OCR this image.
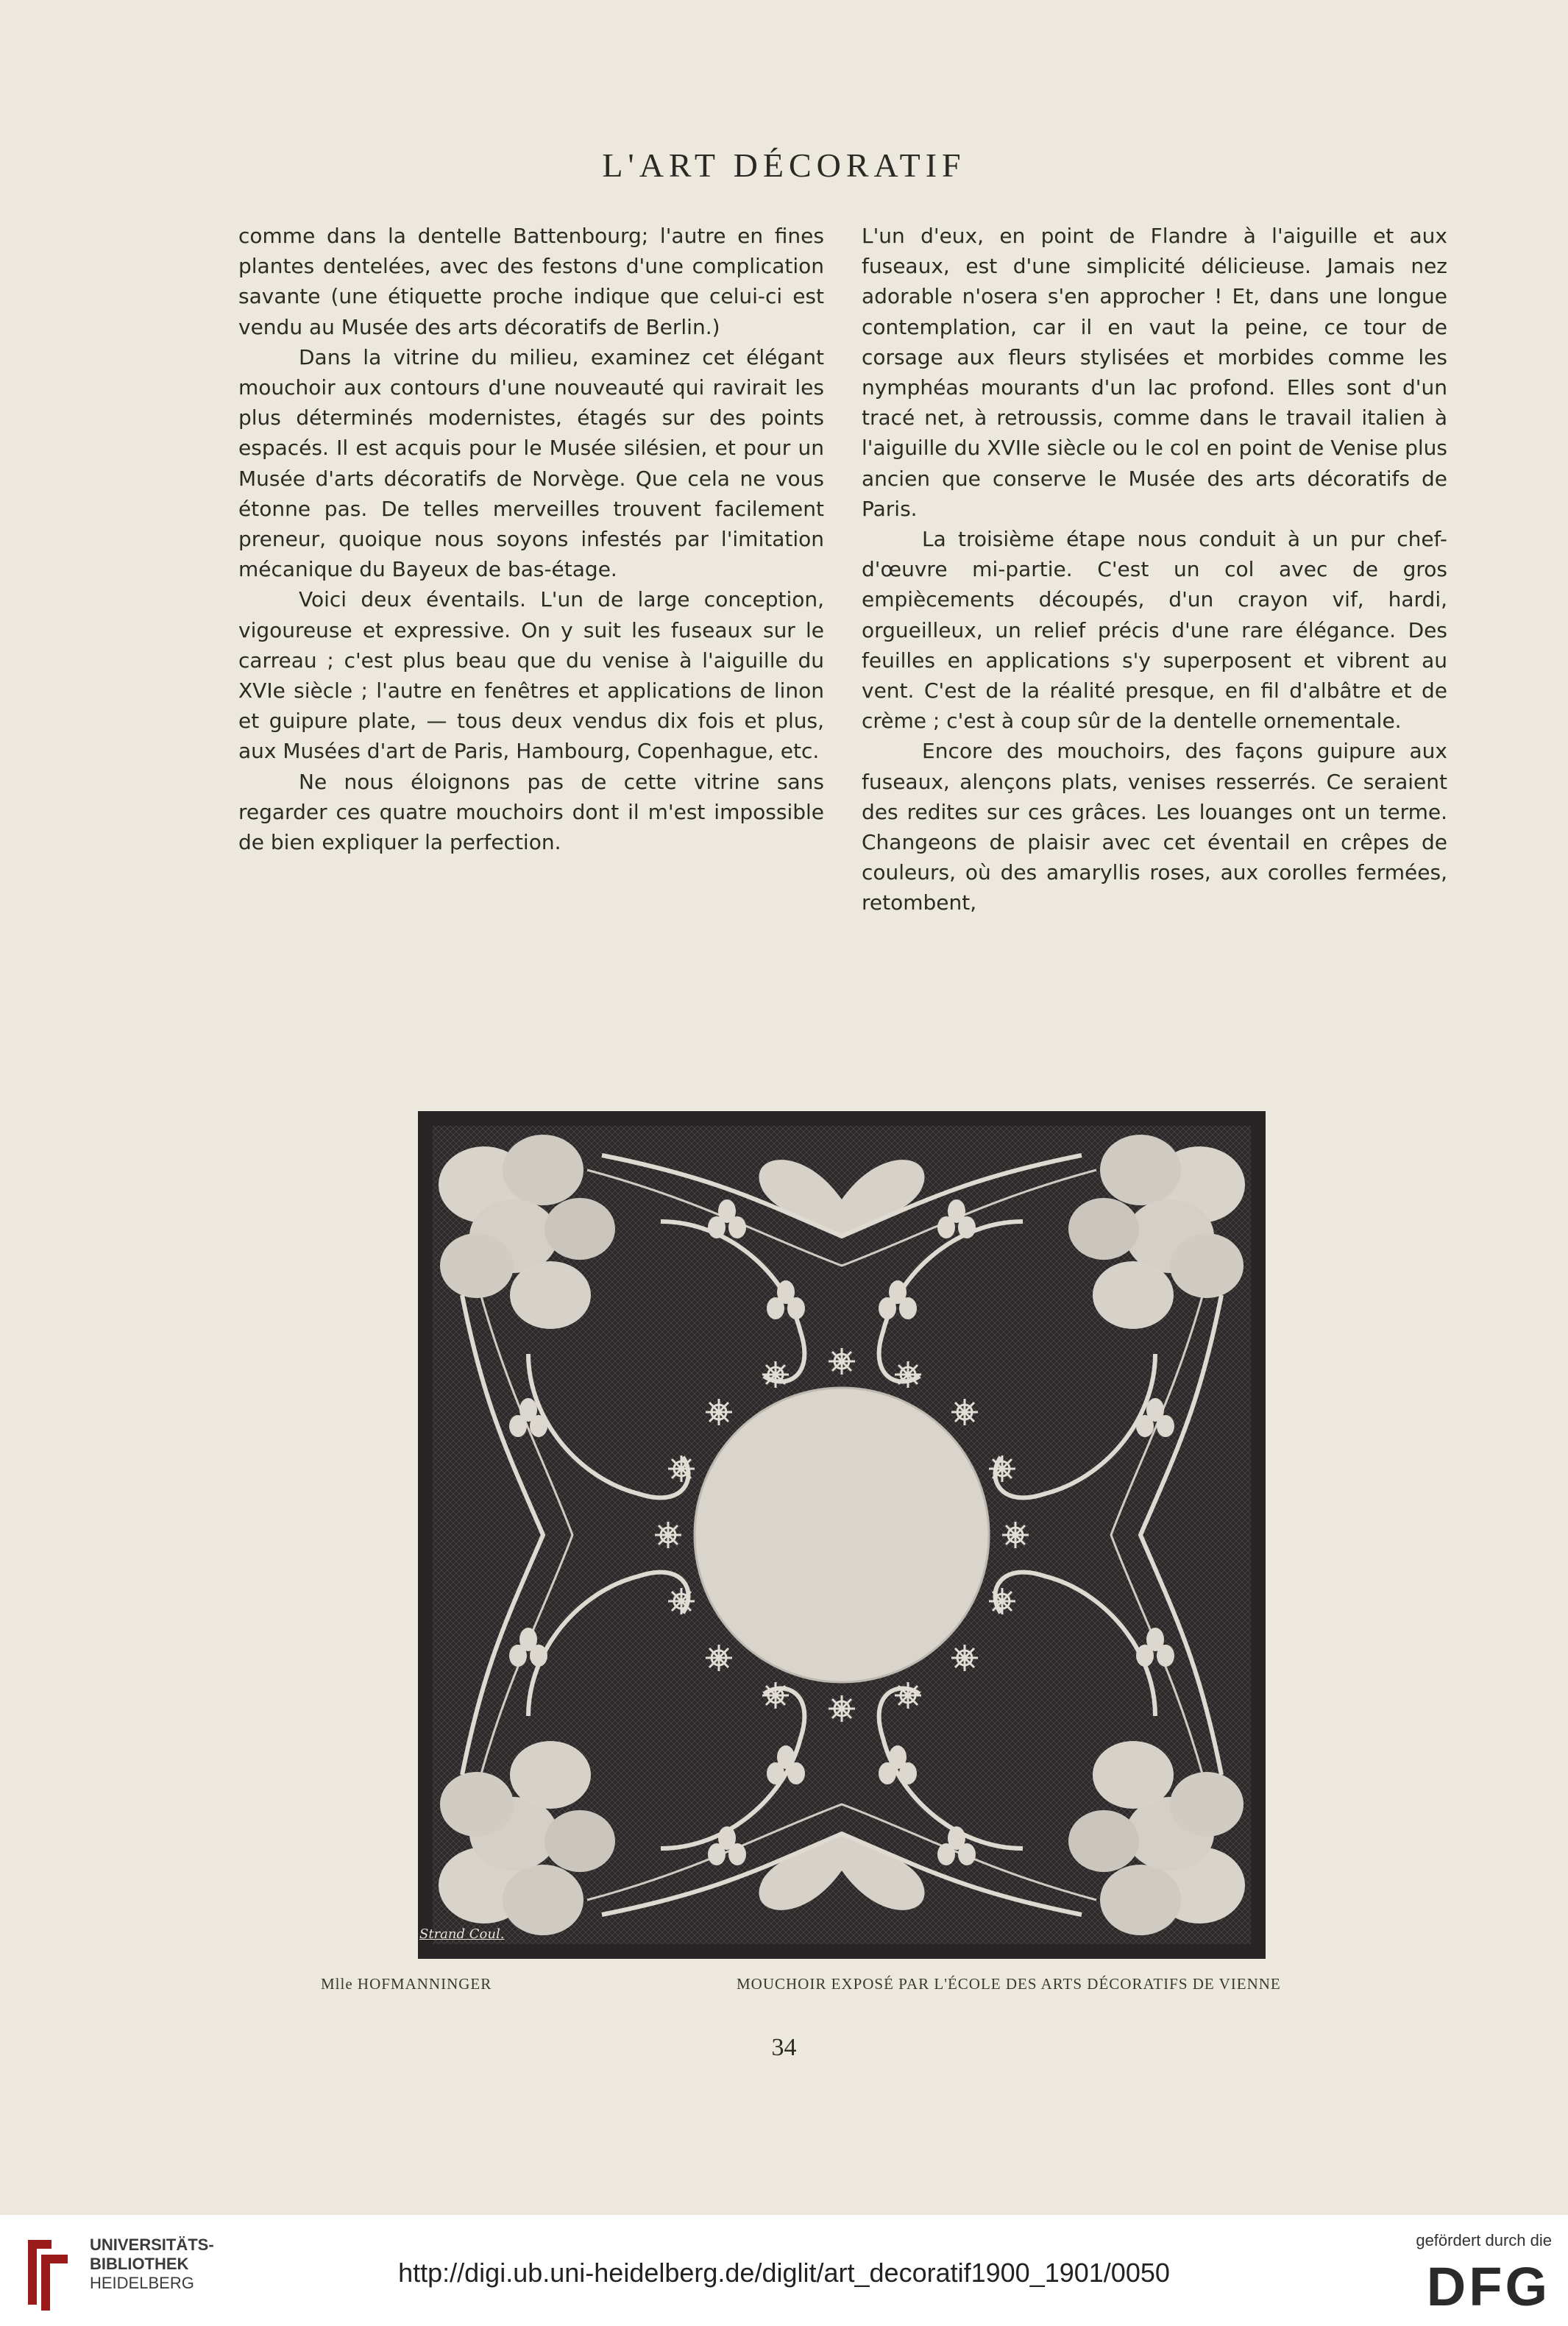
L'ART DÉCORATIF

comme dans la dentelle Battenbourg; l'autre en fines plantes dentelées, avec des festons d'une complication savante (une étiquette proche indique que celui-ci est vendu au Musée des arts décoratifs de Berlin.)

Dans la vitrine du milieu, examinez cet élégant mouchoir aux contours d'une nouveauté qui ravirait les plus déterminés modernistes, étagés sur des points espacés. Il est acquis pour le Musée silésien, et pour un Musée d'arts décoratifs de Norvège. Que cela ne vous étonne pas. De telles merveilles trouvent facilement preneur, quoique nous soyons infestés par l'imitation mécanique du Bayeux de bas-étage.

Voici deux éventails. L'un de large conception, vigoureuse et expressive. On y suit les fuseaux sur le carreau ; c'est plus beau que du venise à l'aiguille du XVIe siècle ; l'autre en fenêtres et applications de linon et guipure plate, — tous deux vendus dix fois et plus, aux Musées d'art de Paris, Hambourg, Copenhague, etc.

Ne nous éloignons pas de cette vitrine sans regarder ces quatre mouchoirs dont il m'est impossible de bien expliquer la perfection.

L'un d'eux, en point de Flandre à l'aiguille et aux fuseaux, est d'une simplicité délicieuse. Jamais nez adorable n'osera s'en approcher ! Et, dans une longue contemplation, car il en vaut la peine, ce tour de corsage aux fleurs stylisées et morbides comme les nymphéas mourants d'un lac profond. Elles sont d'un tracé net, à retroussis, comme dans le travail italien à l'aiguille du XVIIe siècle ou le col en point de Venise plus ancien que conserve le Musée des arts décoratifs de Paris.

La troisième étape nous conduit à un pur chef-d'œuvre mi-partie. C'est un col avec de gros empiècements découpés, d'un crayon vif, hardi, orgueilleux, un relief précis d'une rare élégance. Des feuilles en applications s'y superposent et vibrent au vent. C'est de la réalité presque, en fil d'albâtre et de crème ; c'est à coup sûr de la dentelle ornementale.

Encore des mouchoirs, des façons guipure aux fuseaux, alençons plats, venises resserrés. Ce seraient des redites sur ces grâces. Les louanges ont un terme. Changeons de plaisir avec cet éventail en crêpes de couleurs, où des amaryllis roses, aux corolles fermées, retombent,

Strand Coul.
Mlle HOFMANNINGER	MOUCHOIR EXPOSÉ PAR L'ÉCOLE DES ARTS DÉCORATIFS DE VIENNE
34
UNIVERSITÄTS-
BIBLIOTHEK
HEIDELBERG	http://digi.ub.uni-heidelberg.de/diglit/art_decoratif1900_1901/0050
gefördert durch die
DFG
